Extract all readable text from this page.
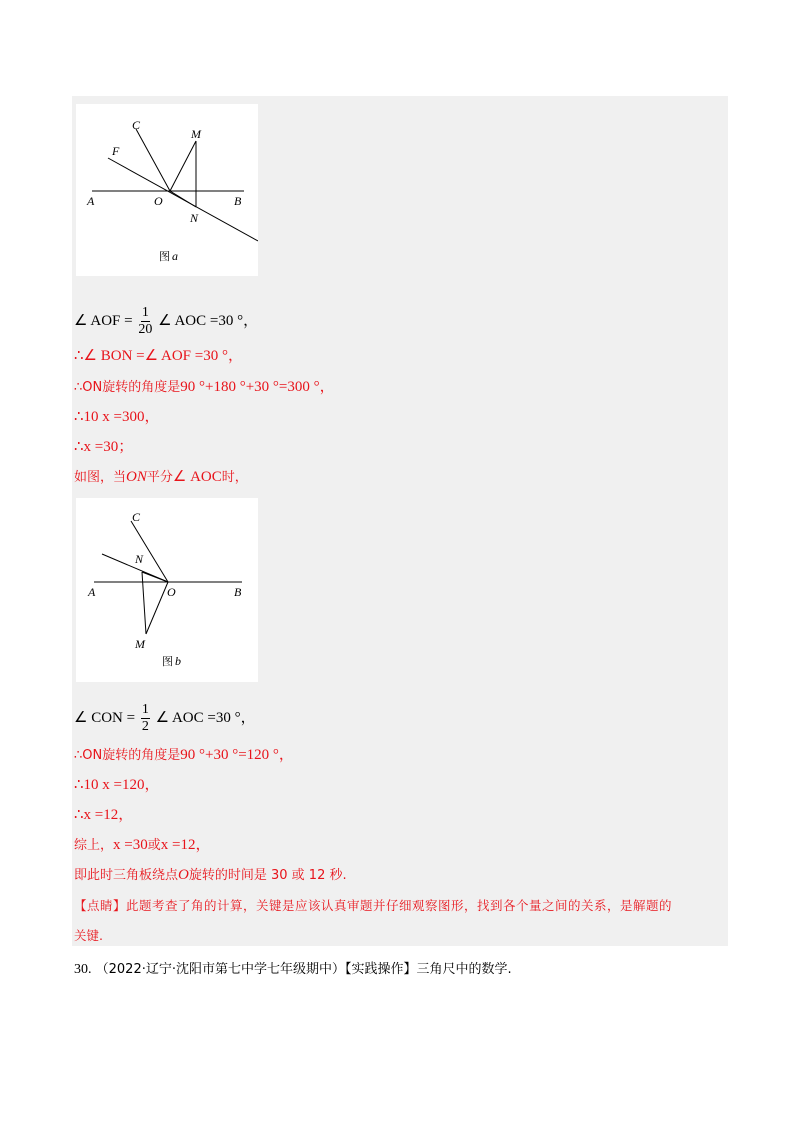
C
M
F
A	O	B
N
图 a
∠ AOF = $\frac{1}{20}$ ∠ AOC =30 °，
∴∠ BON =∠ AOF =30 °，
∴ON旋转的角度是90 °+180 °+30 °=300 °，
∴10 x =300，
∴x =30；
如图，当ON平分∠ AOC时，
C
N
A	O	B
M
图 b
∠ CON = $\frac{1}{2}$ ∠ AOC =30 °，
∴ON旋转的角度是90 °+30 °=120 °，
∴10 x =120，
∴x =12，
综上，x =30或x =12，
即此时三角板绕点O旋转的时间是 30 或 12 秒.
【点睛】此题考查了角的计算，关键是应该认真审题并仔细观察图形，找到各个量之间的关系，是解题的
关键.
30. （2022·辽宁·沈阳市第七中学七年级期中）【实践操作】三角尺中的数学.
